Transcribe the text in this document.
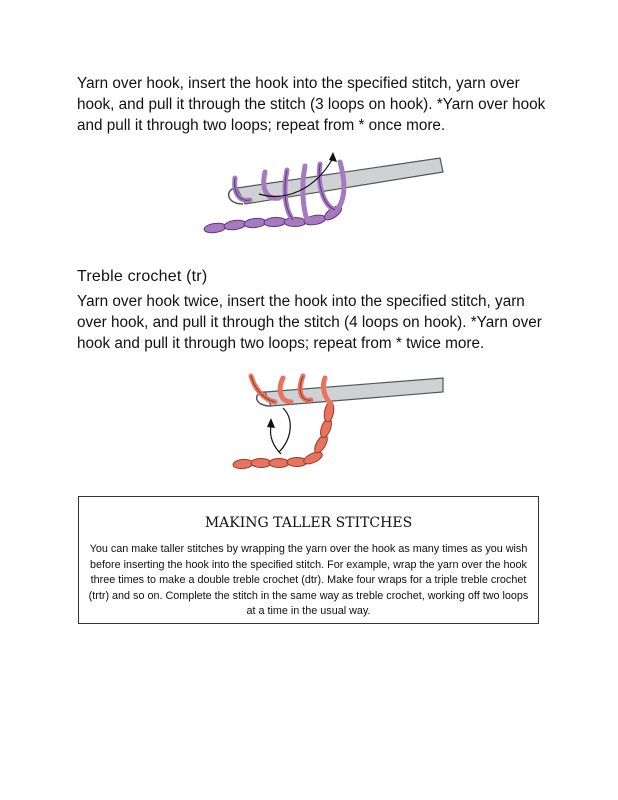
Yarn over hook, insert the hook into the specified stitch, yarn over hook, and pull it through the stitch (3 loops on hook). *Yarn over hook and pull it through two loops; repeat from * once more.

Treble crochet (tr)

Yarn over hook twice, insert the hook into the specified stitch, yarn over hook, and pull it through the stitch (4 loops on hook). *Yarn over hook and pull it through two loops; repeat from * twice more.

MAKING TALLER STITCHES

You can make taller stitches by wrapping the yarn over the hook as many times as you wish before inserting the hook into the specified stitch. For example, wrap the yarn over the hook three times to make a double treble crochet (dtr). Make four wraps for a triple treble crochet (trtr) and so on. Complete the stitch in the same way as treble crochet, working off two loops at a time in the usual way.
